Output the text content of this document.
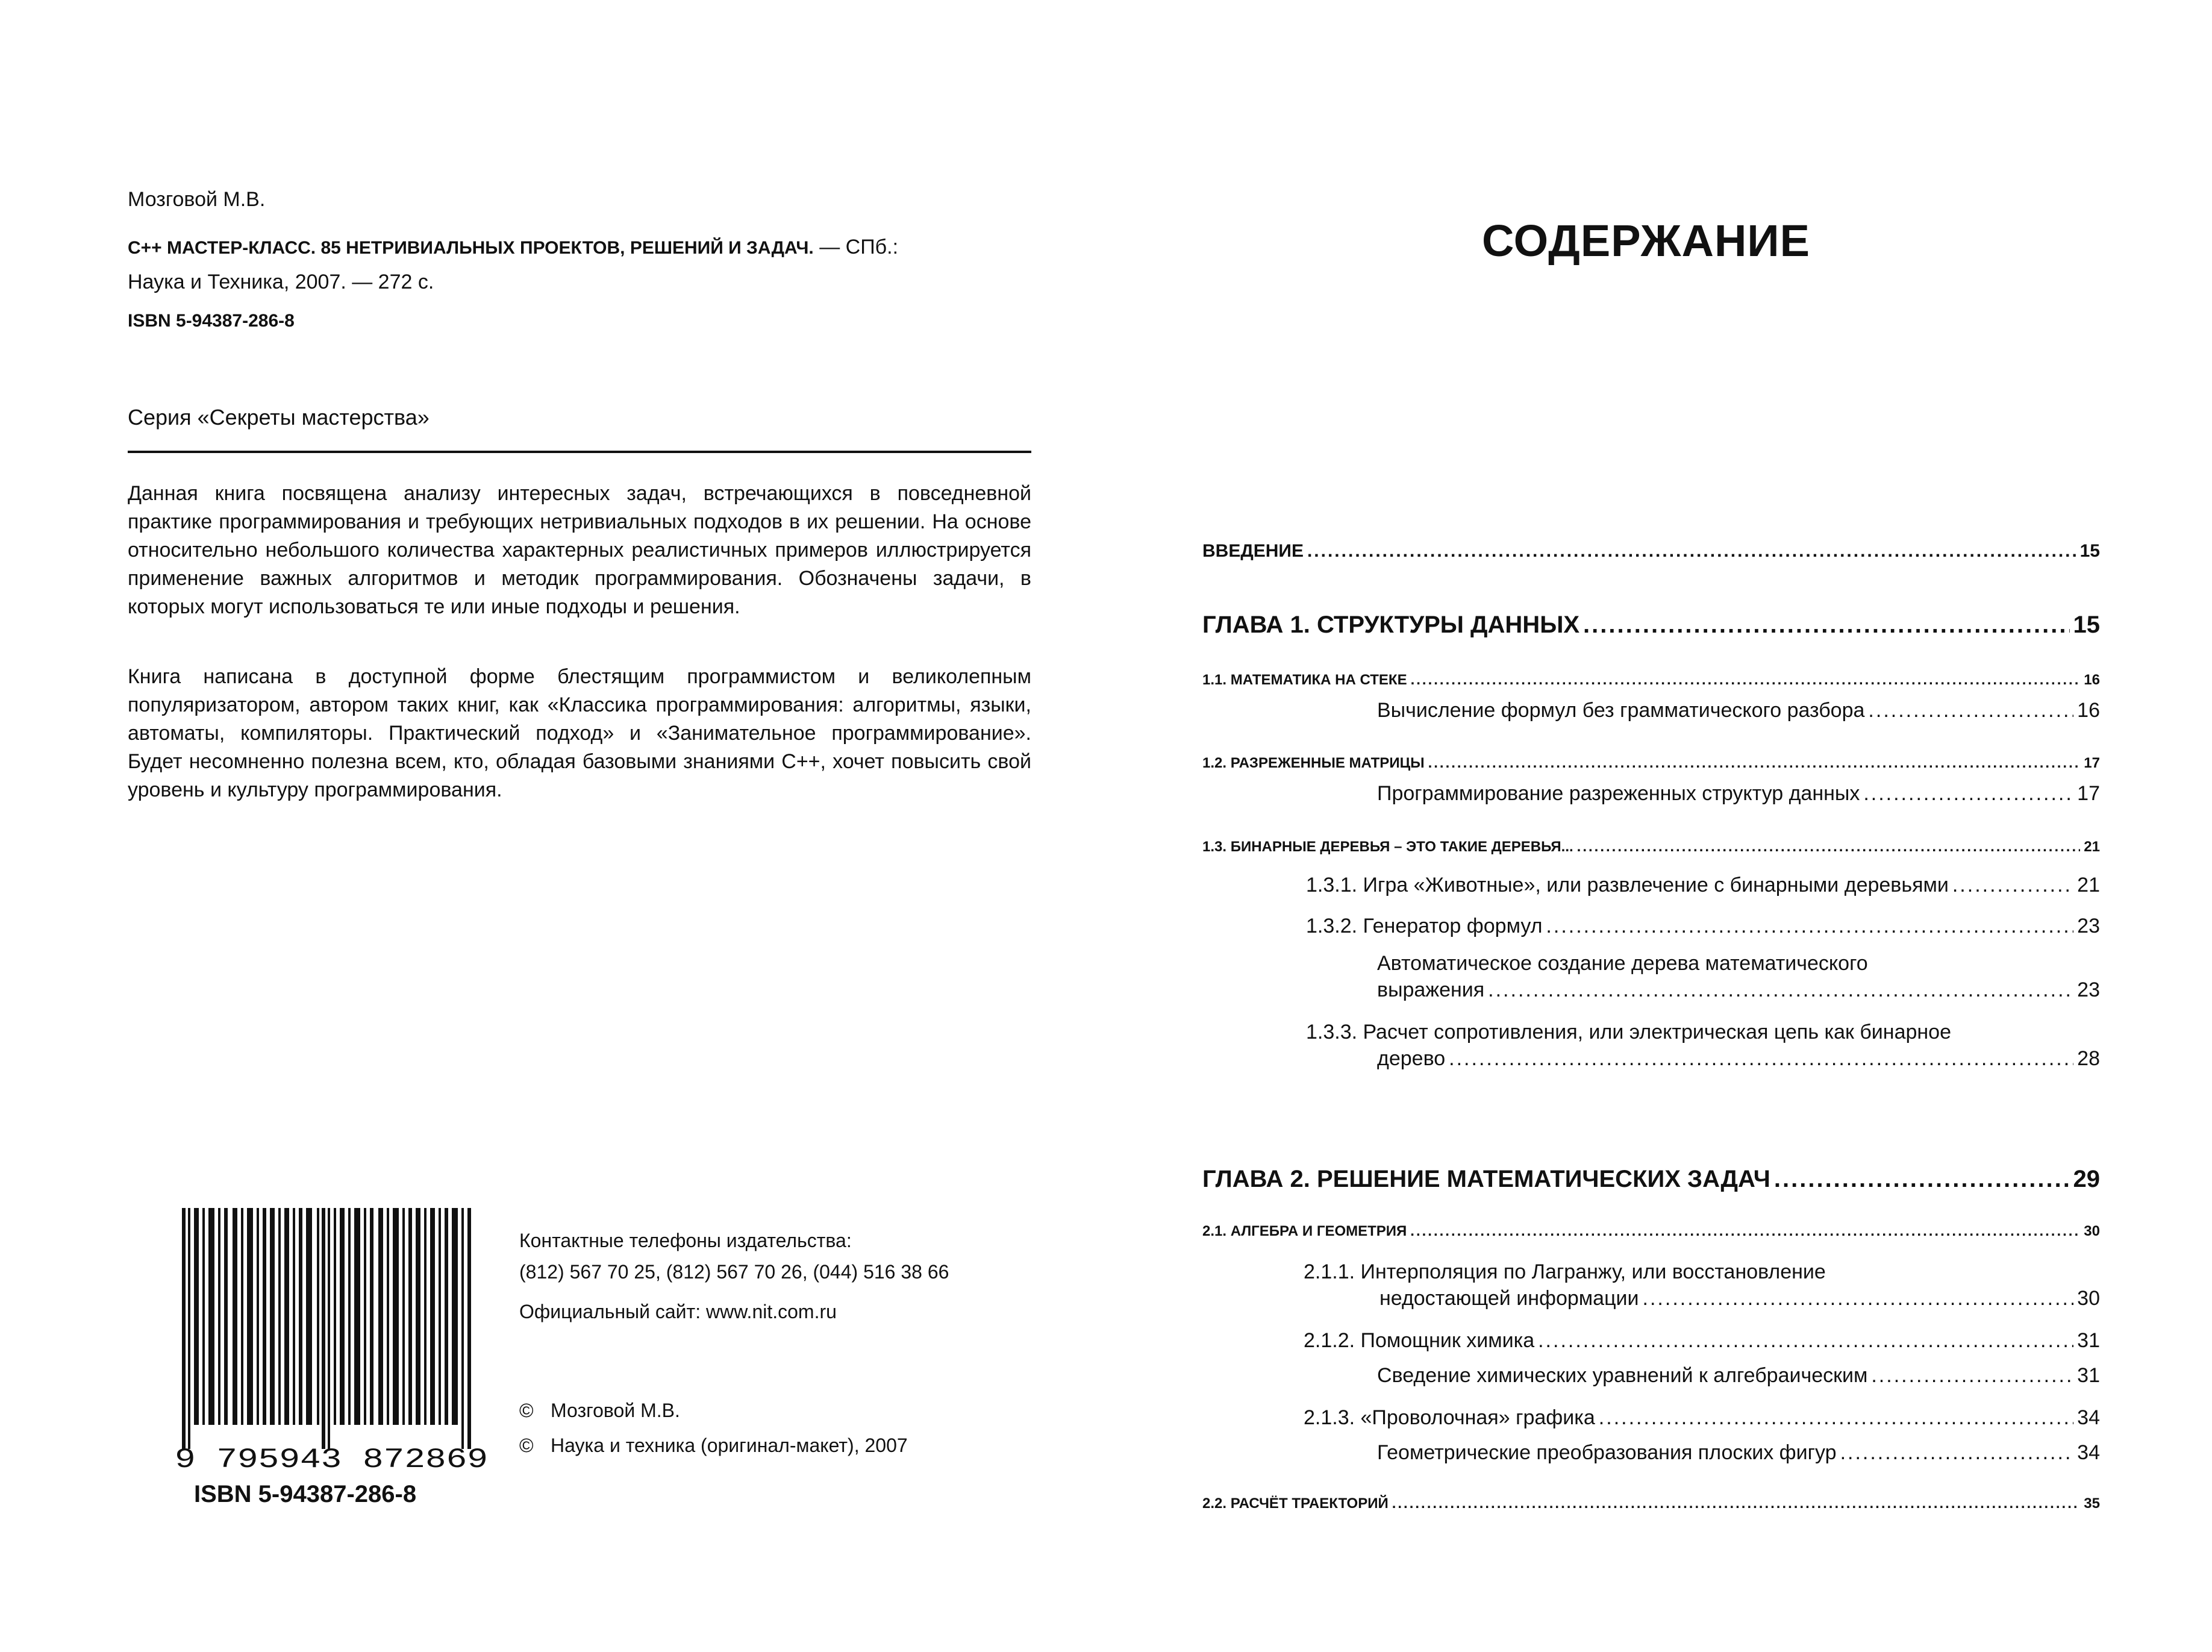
Мозговой М.В.
C++ МАСТЕР-КЛАСС. 85 НЕТРИВИАЛЬНЫХ ПРОЕКТОВ, РЕШЕНИЙ И ЗАДАЧ. — СПб.:
Наука и Техника, 2007. — 272 с.
ISBN 5-94387-286-8
Серия «Секреты мастерства»
Данная книга посвящена анализу интересных задач, встречающихся в повседневной практике программирования и требующих нетривиальных подходов в их решении. На основе относительно небольшого количества характерных реалистичных примеров иллюстрируется применение важных алгоритмов и методик программирования. Обозначены задачи, в которых могут использоваться те или иные подходы и решения.
Книга написана в доступной форме блестящим программистом и великолепным популяризатором, автором таких книг, как «Классика программирования: алгоритмы, языки, автоматы, компиляторы. Практический подход» и «Занимательное программирование». Будет несомненно полезна всем, кто, обладая базовыми знаниями C++, хочет повысить свой уровень и культуру программирования.
9 795943 872869
ISBN 5-94387-286-8
Контактные телефоны издательства:
(812) 567 70 25, (812) 567 70 26, (044) 516 38 66
Официальный сайт: www.nit.com.ru
© Мозговой М.В.
© Наука и техника (оригинал-макет), 2007
СОДЕРЖАНИЕ
ВВЕДЕНИЕ .....	15
ГЛАВА 1. СТРУКТУРЫ ДАННЫХ .....	15
1.1. МАТЕМАТИКА НА СТЕКЕ .....	16
Вычисление формул без грамматического разбора .....	16
1.2. РАЗРЕЖЕННЫЕ МАТРИЦЫ .....	17
Программирование разреженных структур данных .....	17
1.3. БИНАРНЫЕ ДЕРЕВЬЯ – ЭТО ТАКИЕ ДЕРЕВЬЯ... .....	21
1.3.1. Игра «Животные», или развлечение с бинарными деревьями .....	21
1.3.2. Генератор формул .....	23
Автоматическое создание дерева математического
выражения .....	23
1.3.3. Расчет сопротивления, или электрическая цепь как бинарное
дерево .....	28
ГЛАВА 2. РЕШЕНИЕ МАТЕМАТИЧЕСКИХ ЗАДАЧ .....	29
2.1. АЛГЕБРА И ГЕОМЕТРИЯ .....	30
2.1.1. Интерполяция по Лагранжу, или восстановление
недостающей информации .....	30
2.1.2. Помощник химика .....	31
Сведение химических уравнений к алгебраическим .....	31
2.1.3. «Проволочная» графика .....	34
Геометрические преобразования плоских фигур .....	34
2.2. РАСЧЁТ ТРАЕКТОРИЙ .....	35
